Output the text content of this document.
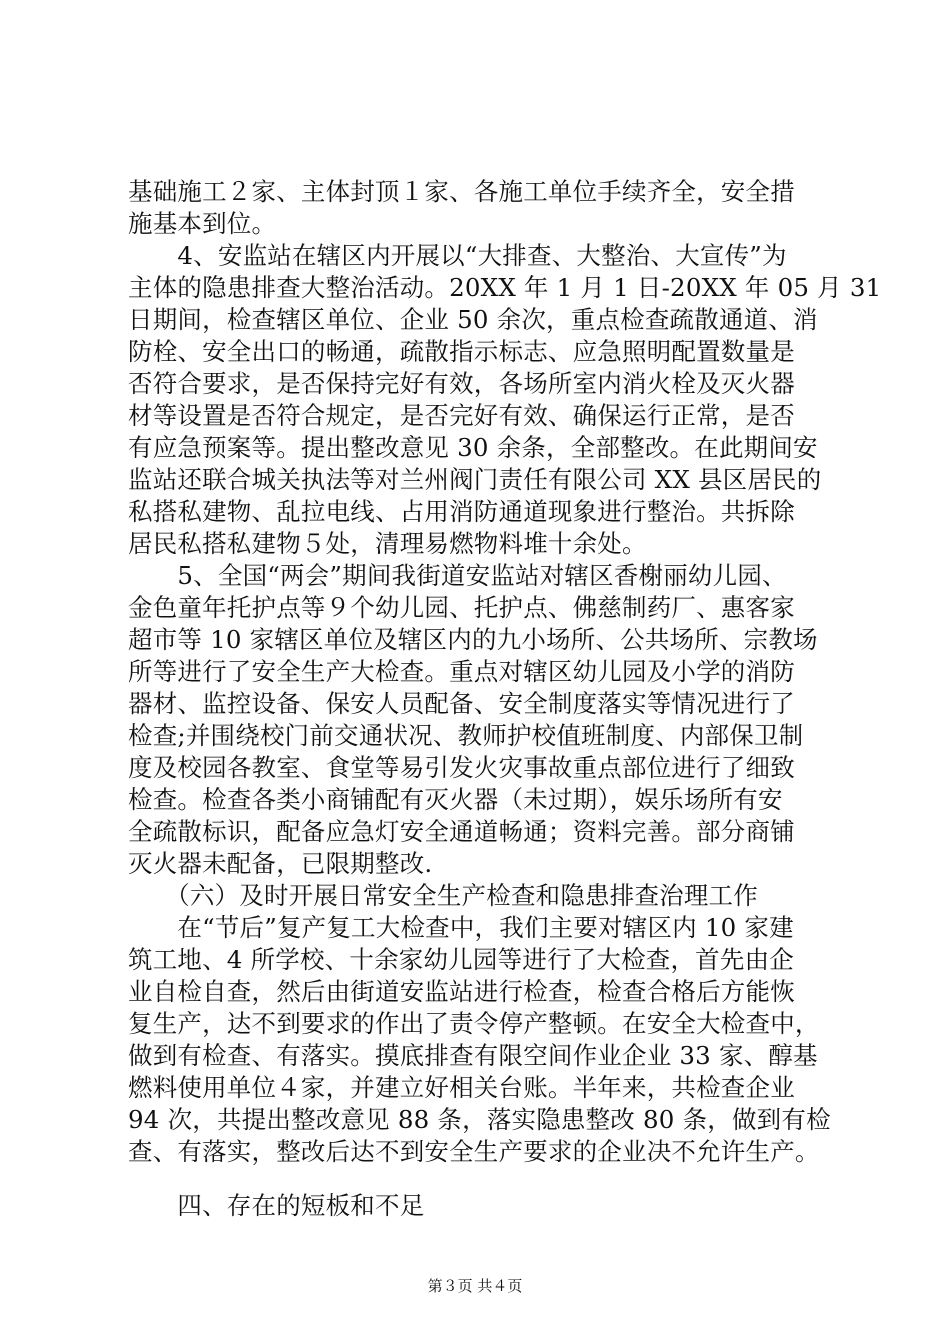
基础施工２家、主体封顶１家、各施工单位手续齐全，安全措
施基本到位。
　　4、安监站在辖区内开展以“大排查、大整治、大宣传”为
主体的隐患排查大整治活动。20XX 年 1 月 1 日-20XX 年 05 月 31
日期间，检查辖区单位、企业 50 余次，重点检查疏散通道、消
防栓、安全出口的畅通，疏散指示标志、应急照明配置数量是
否符合要求，是否保持完好有效，各场所室内消火栓及灭火器
材等设置是否符合规定，是否完好有效、确保运行正常，是否
有应急预案等。提出整改意见 30 余条，全部整改。在此期间安
监站还联合城关执法等对兰州阀门责任有限公司 XX 县区居民的
私搭私建物、乱拉电线、占用消防通道现象进行整治。共拆除
居民私搭私建物５处，清理易燃物料堆十余处。
　　5、全国“两会”期间我街道安监站对辖区香榭丽幼儿园、
金色童年托护点等９个幼儿园、托护点、佛慈制药厂、惠客家
超市等 10 家辖区单位及辖区内的九小场所、公共场所、宗教场
所等进行了安全生产大检查。重点对辖区幼儿园及小学的消防
器材、监控设备、保安人员配备、安全制度落实等情况进行了
检查;并围绕校门前交通状况、教师护校值班制度、内部保卫制
度及校园各教室、食堂等易引发火灾事故重点部位进行了细致
检查。检查各类小商铺配有灭火器（未过期），娱乐场所有安
全疏散标识，配备应急灯安全通道畅通；资料完善。部分商铺
灭火器未配备，已限期整改.
　　（六）及时开展日常安全生产检查和隐患排查治理工作
　　在“节后”复产复工大检查中，我们主要对辖区内 10 家建
筑工地、4 所学校、十余家幼儿园等进行了大检查，首先由企
业自检自查，然后由街道安监站进行检查，检查合格后方能恢
复生产，达不到要求的作出了责令停产整顿。在安全大检查中，
做到有检查、有落实。摸底排查有限空间作业企业 33 家、醇基
燃料使用单位４家，并建立好相关台账。半年来，共检查企业
94 次，共提出整改意见 88 条，落实隐患整改 80 条，做到有检
查、有落实，整改后达不到安全生产要求的企业决不允许生产。
　　四、存在的短板和不足
第３页 共４页
